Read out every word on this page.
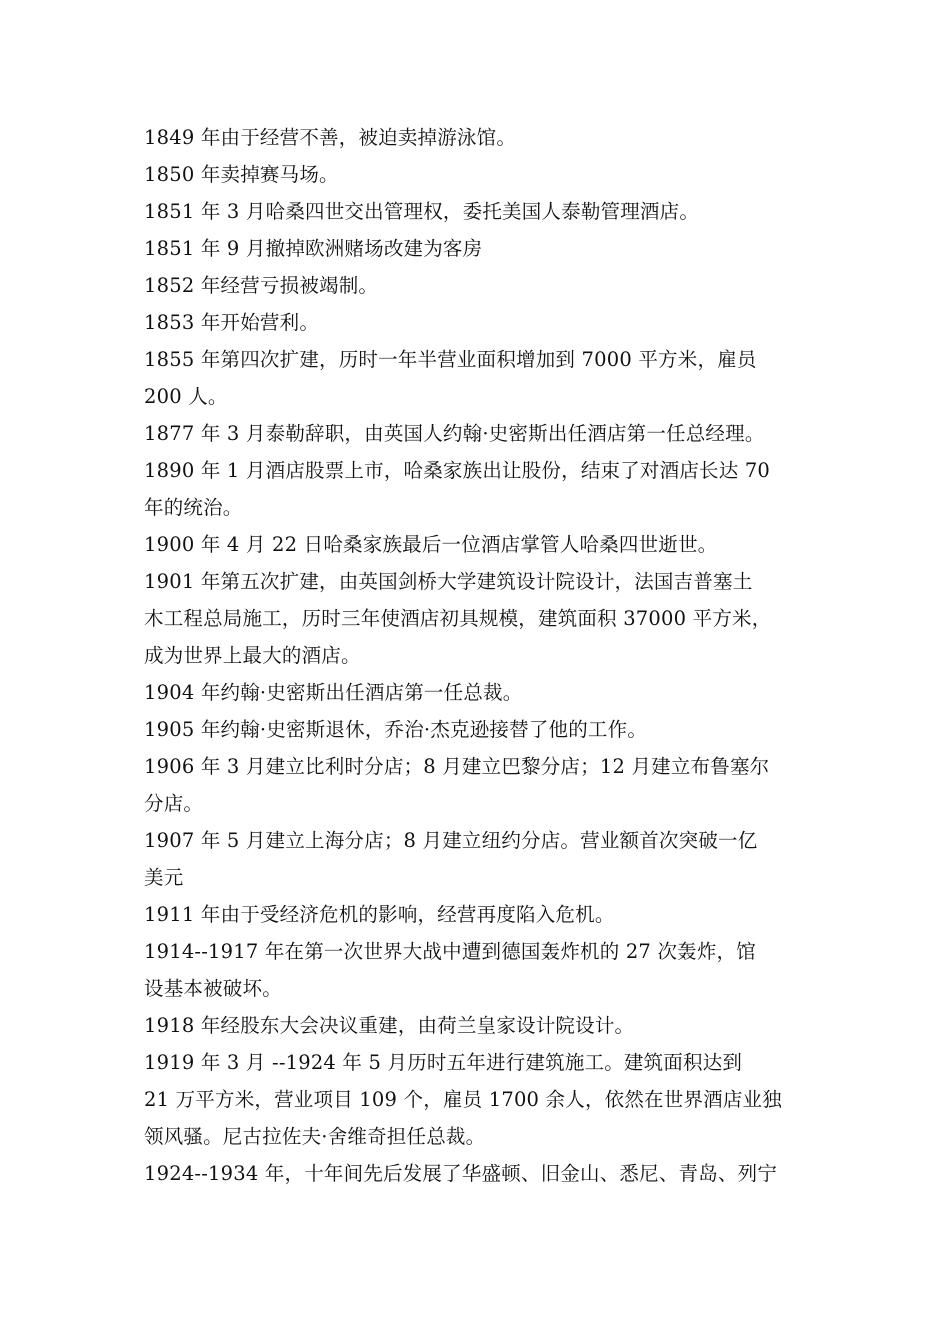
1849 年由于经营不善，被迫卖掉游泳馆。
1850 年卖掉赛马场。
1851 年 3 月哈桑四世交出管理权，委托美国人泰勒管理酒店。
1851 年 9 月撤掉欧洲赌场改建为客房
1852 年经营亏损被竭制。
1853 年开始营利。
1855 年第四次扩建，历时一年半营业面积增加到 7000 平方米，雇员
200 人。
1877 年 3 月泰勒辞职，由英国人约翰·史密斯出任酒店第一任总经理。
1890 年 1 月酒店股票上市，哈桑家族出让股份，结束了对酒店长达 70
年的统治。
1900 年 4 月 22 日哈桑家族最后一位酒店掌管人哈桑四世逝世。
1901 年第五次扩建，由英国剑桥大学建筑设计院设计，法国吉普塞土
木工程总局施工，历时三年使酒店初具规模，建筑面积 37000 平方米，
成为世界上最大的酒店。
1904 年约翰·史密斯出任酒店第一任总裁。
1905 年约翰·史密斯退休，乔治·杰克逊接替了他的工作。
1906 年 3 月建立比利时分店；8 月建立巴黎分店；12 月建立布鲁塞尔
分店。
1907 年 5 月建立上海分店；8 月建立纽约分店。营业额首次突破一亿
美元
1911 年由于受经济危机的影响，经营再度陷入危机。
1914--1917 年在第一次世界大战中遭到德国轰炸机的 27 次轰炸，馆
设基本被破坏。
1918 年经股东大会决议重建，由荷兰皇家设计院设计。
1919 年 3 月 --1924 年 5 月历时五年进行建筑施工。建筑面积达到
21 万平方米，营业项目 109 个，雇员 1700 余人，依然在世界酒店业独
领风骚。尼古拉佐夫·舍维奇担任总裁。
1924--1934 年，十年间先后发展了华盛顿、旧金山、悉尼、青岛、列宁
